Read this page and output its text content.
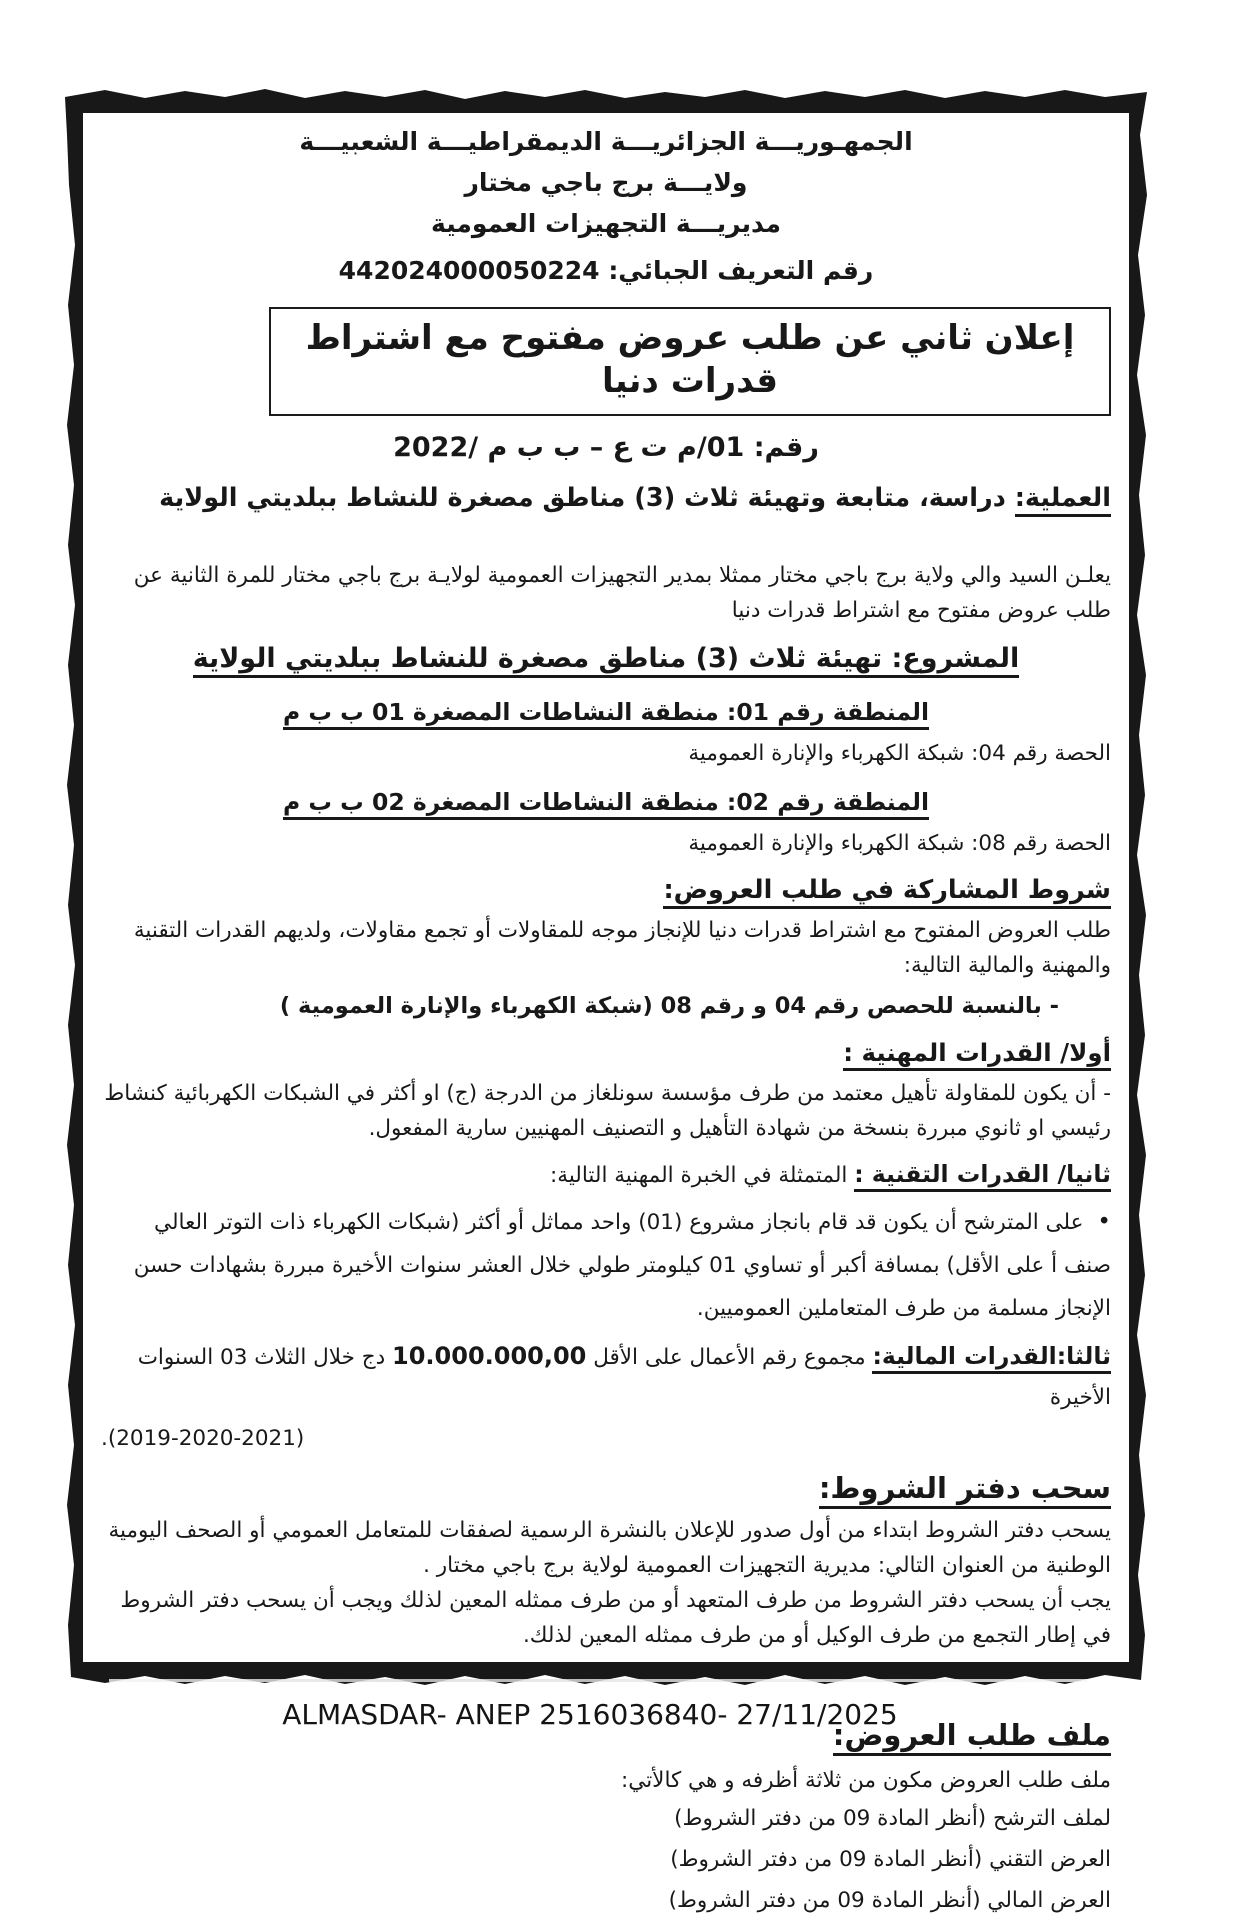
الجمهـوريـــة الجزائريـــة الديمقراطيـــة الشعبيـــة
ولايـــة برج باجي مختار
مديريـــة التجهيزات العمومية
رقم التعريف الجبائي: 442024000050224
إعلان ثاني عن طلب عروض مفتوح مع اشتراط قدرات دنيا
رقم: 01/م ت ع – ب ب م /2022
العملية: دراسة، متابعة وتهيئة ثلاث (3) مناطق مصغرة للنشاط ببلديتي الولاية

يعلـن السيد والي ولاية برج باجي مختار ممثلا بمدير التجهيزات العمومية لولايـة برج باجي مختار للمرة الثانية عن طلب عروض مفتوح مع اشتراط قدرات دنيا

المشروع: تهيئة ثلاث (3) مناطق مصغرة للنشاط ببلديتي الولاية
المنطقة رقم 01: منطقة النشاطات المصغرة 01 ب ب م
الحصة رقم 04: شبكة الكهرباء والإنارة العمومية
المنطقة رقم 02: منطقة النشاطات المصغرة 02 ب ب م
الحصة رقم 08: شبكة الكهرباء والإنارة العمومية
شروط المشاركة في طلب العروض:

طلب العروض المفتوح مع اشتراط قدرات دنيا للإنجاز موجه للمقاولات أو تجمع مقاولات، ولديهم القدرات التقنية والمهنية والمالية التالية:

- بالنسبة للحصص رقم 04 و رقم 08 (شبكة الكهرباء والإنارة العمومية )
أولا/ القدرات المهنية :

- أن يكون للمقاولة تأهيل معتمد من طرف مؤسسة سونلغاز من الدرجة (ج) او أكثر في الشبكات الكهربائية كنشاط رئيسي او ثانوي مبررة بنسخة من شهادة التأهيل و التصنيف المهنيين سارية المفعول.

ثانيا/ القدرات التقنية : المتمثلة في الخبرة المهنية التالية:

•على المترشح أن يكون قد قام بانجاز مشروع (01) واحد مماثل أو أكثر (شبكات الكهرباء ذات التوتر العالي صنف أ على الأقل) بمسافة أكبر أو تساوي 01 كيلومتر طولي خلال العشر سنوات الأخيرة مبررة بشهادات حسن الإنجاز مسلمة من طرف المتعاملين العموميين.

ثالثا:القدرات المالية: مجموع رقم الأعمال على الأقل 10.000.000,00 دج خلال الثلاث 03 السنوات الأخيرة
(2019-2020-2021).
سحب دفتر الشروط:

يسحب دفتر الشروط ابتداء من أول صدور للإعلان بالنشرة الرسمية لصفقات للمتعامل العمومي أو الصحف اليومية الوطنية من العنوان التالي: مديرية التجهيزات العمومية لولاية برج باجي مختار .

يجب أن يسحب دفتر الشروط من طرف المتعهد أو من طرف ممثله المعين لذلك ويجب أن يسحب دفتر الشروط في إطار التجمع من طرف الوكيل أو من طرف ممثله المعين لذلك.

ملف طلب العروض:

ملف طلب العروض مكون من ثلاثة أظرفه و هي كالأتي:

لملف الترشح (أنظر المادة 09 من دفتر الشروط)
العرض التقني (أنظر المادة 09 من دفتر الشروط)
العرض المالي (أنظر المادة 09 من دفتر الشروط)
ALMASDAR- ANEP 2516036840- 27/11/2025
